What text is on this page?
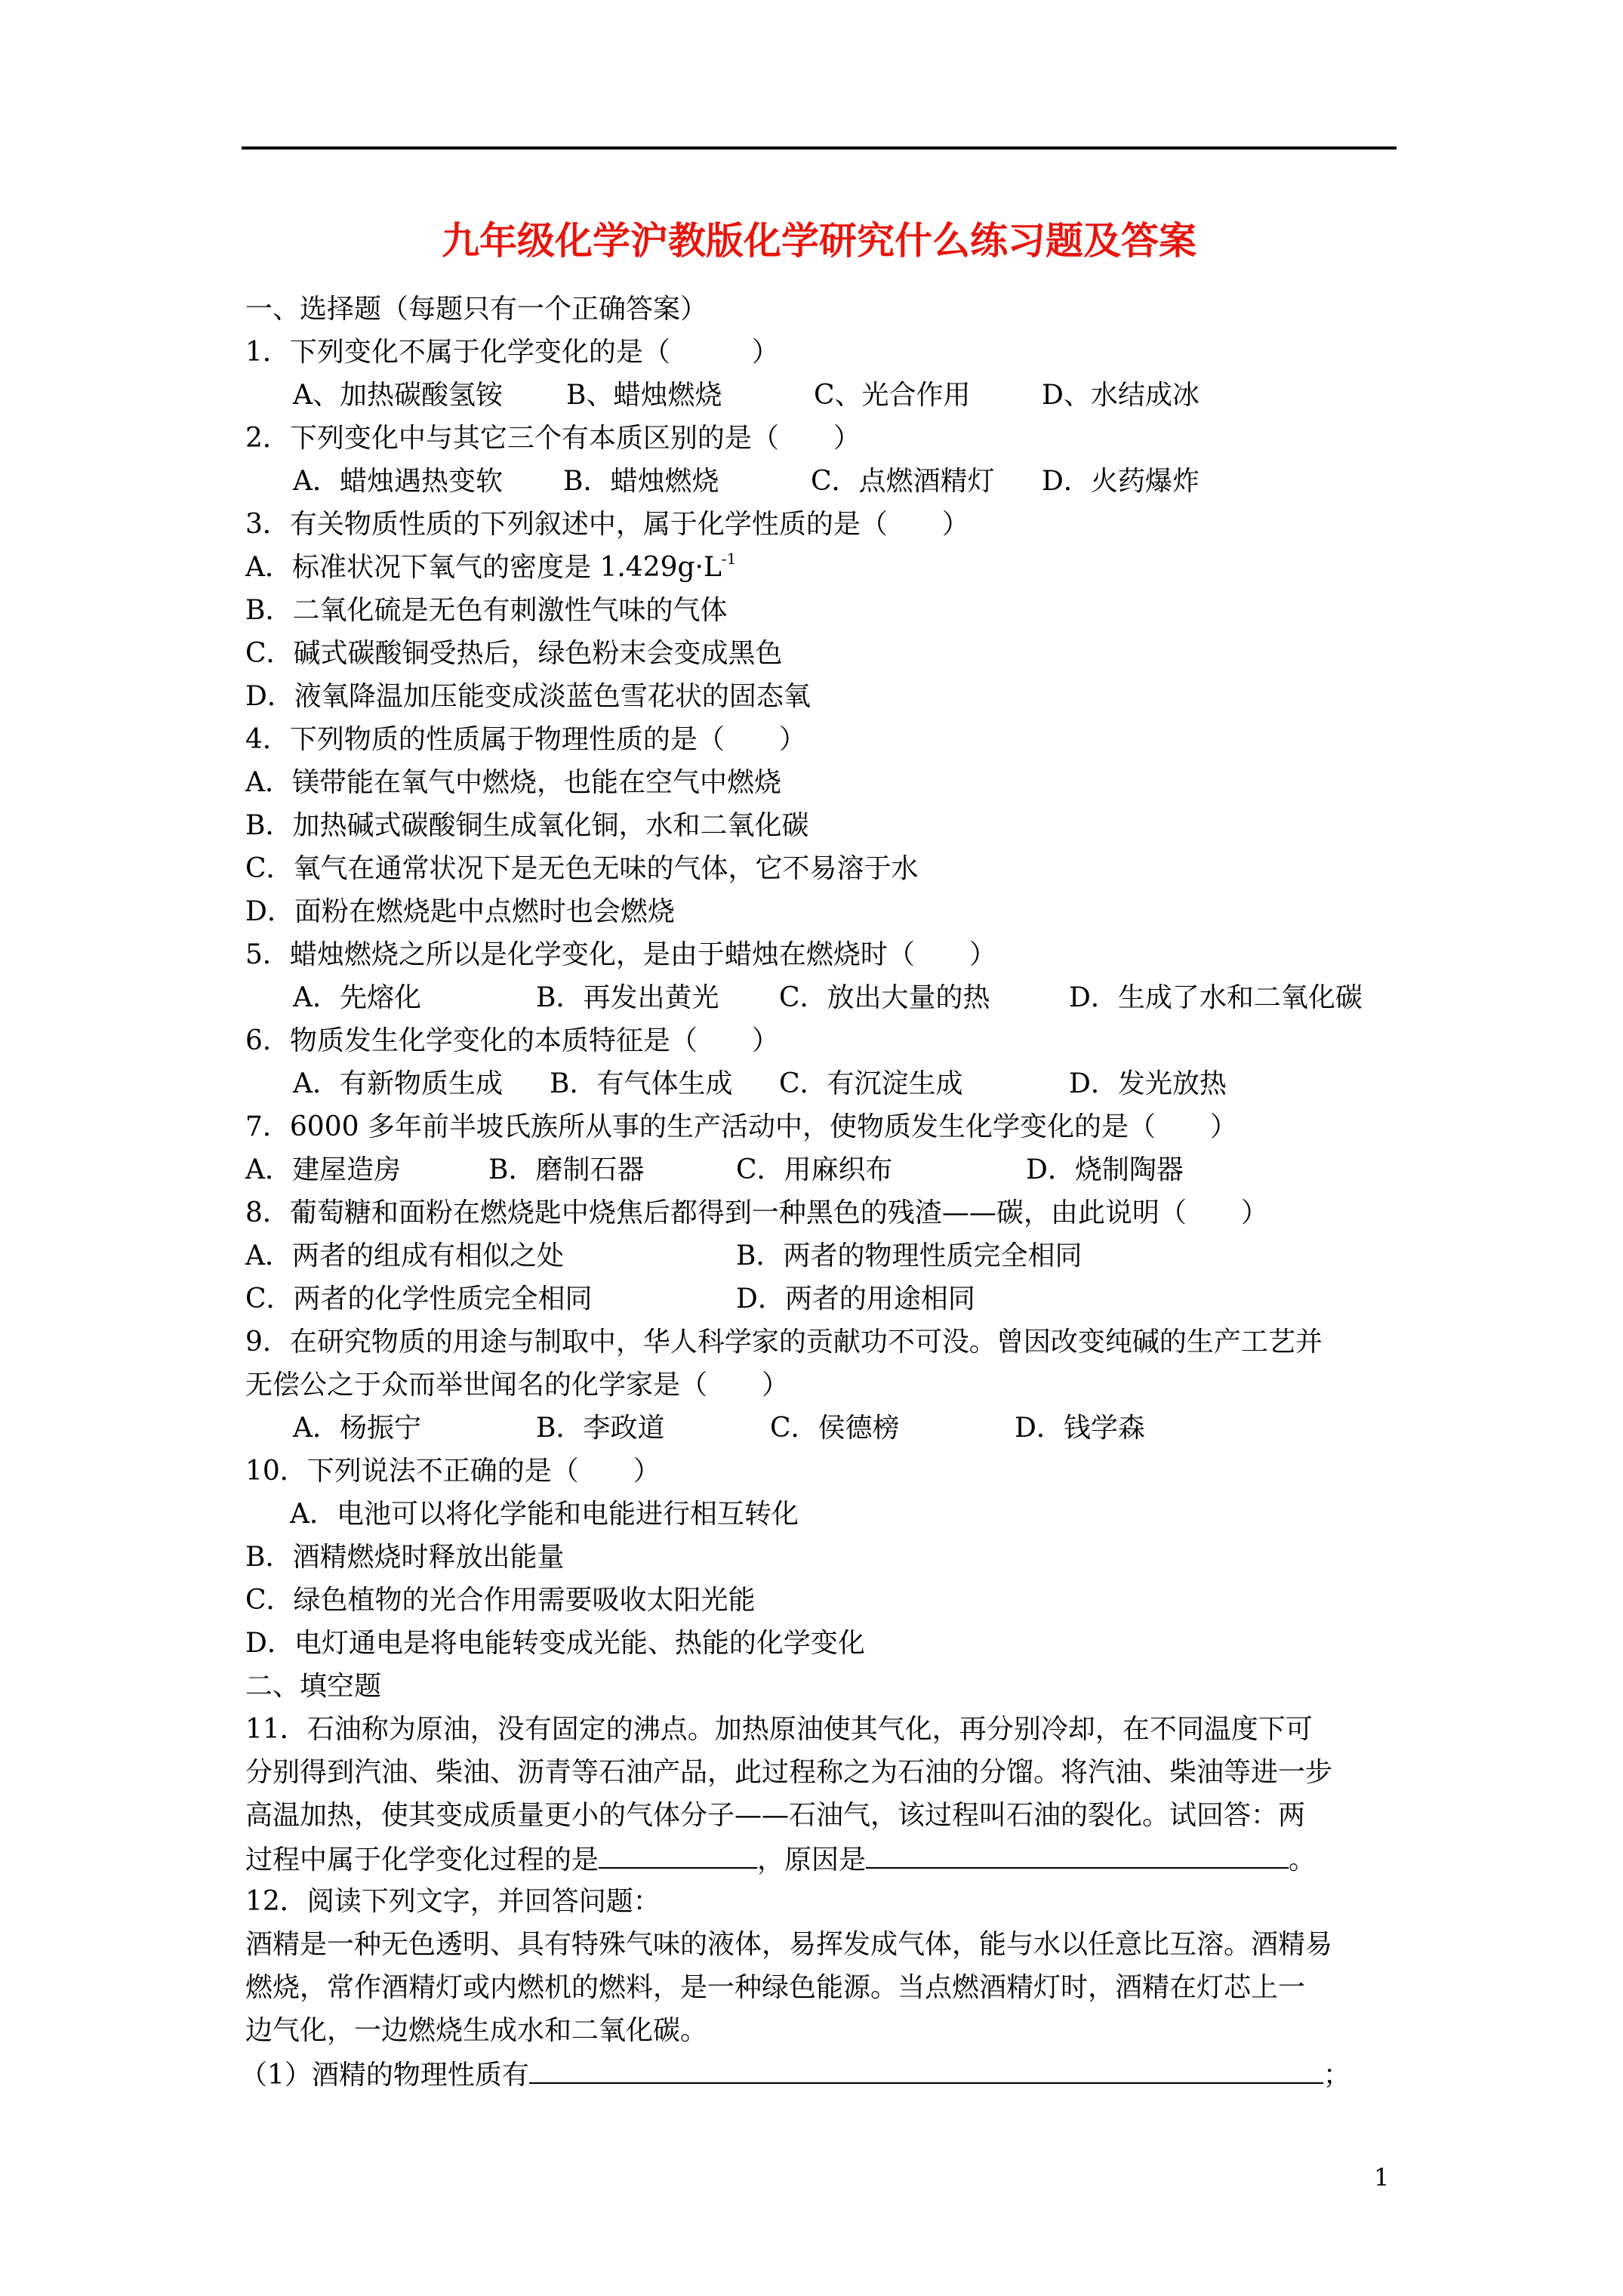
九年级化学沪教版化学研究什么练习题及答案
一、选择题（每题只有一个正确答案）
1．下列变化不属于化学变化的是（　　　）
A、加热碳酸氢铵 B、蜡烛燃烧	C、光合作用	D、水结成冰
2．下列变化中与其它三个有本质区别的是（　　）
A．蜡烛遇热变软 B．蜡烛燃烧	C．点燃酒精灯 D．火药爆炸
3．有关物质性质的下列叙述中，属于化学性质的是（　　）
A．标准状况下氧气的密度是 $1.429g\cdot L^{-1}$
B．二氧化硫是无色有刺激性气味的气体
C．碱式碳酸铜受热后，绿色粉末会变成黑色
D．液氧降温加压能变成淡蓝色雪花状的固态氧
4．下列物质的性质属于物理性质的是（　　）
A．镁带能在氧气中燃烧，也能在空气中燃烧
B．加热碱式碳酸铜生成氧化铜，水和二氧化碳
C．氧气在通常状况下是无色无味的气体，它不易溶于水
D．面粉在燃烧匙中点燃时也会燃烧
5．蜡烛燃烧之所以是化学变化，是由于蜡烛在燃烧时（　　）
A．先熔化	B．再发出黄光 C．放出大量的热	D．生成了水和二氧化碳
6．物质发生化学变化的本质特征是（　　）
A．有新物质生成 B．有气体生成 C．有沉淀生成	D．发光放热
7．6000 多年前半坡氏族所从事的生产活动中，使物质发生化学变化的是（　　）
A．建屋造房	B．磨制石器	C．用麻织布	D．烧制陶器
8．葡萄糖和面粉在燃烧匙中烧焦后都得到一种黑色的残渣——碳，由此说明（　　）
A．两者的组成有相似之处	B．两者的物理性质完全相同
C．两者的化学性质完全相同	D．两者的用途相同
9．在研究物质的用途与制取中，华人科学家的贡献功不可没。曾因改变纯碱的生产工艺并
无偿公之于众而举世闻名的化学家是（　　）
A．杨振宁	B．李政道	C．侯德榜	D．钱学森
10．下列说法不正确的是（　　）
A．电池可以将化学能和电能进行相互转化
B．酒精燃烧时释放出能量
C．绿色植物的光合作用需要吸收太阳光能
D．电灯通电是将电能转变成光能、热能的化学变化
二、填空题
11．石油称为原油，没有固定的沸点。加热原油使其气化，再分别冷却，在不同温度下可
分别得到汽油、柴油、沥青等石油产品，此过程称之为石油的分馏。将汽油、柴油等进一步
高温加热，使其变成质量更小的气体分子——石油气，该过程叫石油的裂化。试回答：两
过程中属于化学变化过程的是	，原因是	。
12．阅读下列文字，并回答问题：
酒精是一种无色透明、具有特殊气味的液体，易挥发成气体，能与水以任意比互溶。酒精易
燃烧，常作酒精灯或内燃机的燃料，是一种绿色能源。当点燃酒精灯时，酒精在灯芯上一
边气化，一边燃烧生成水和二氧化碳。
（1）酒精的物理性质有	；
1
